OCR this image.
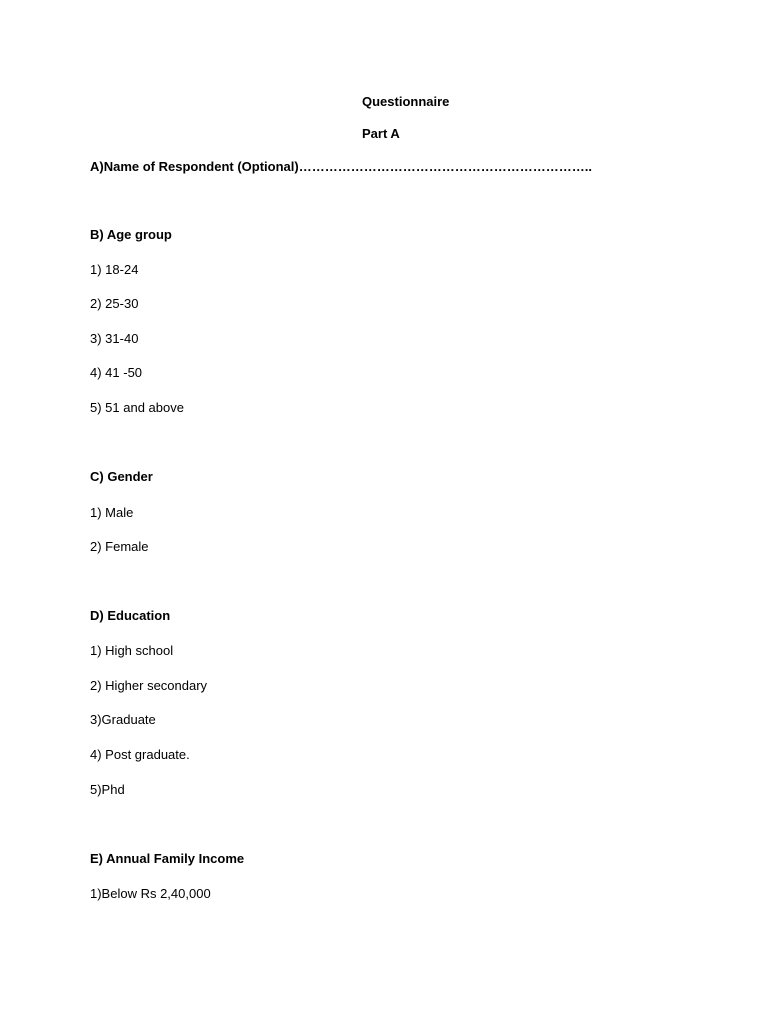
Questionnaire
Part A
A)Name of Respondent (Optional)…………………………………………………………..
B) Age group
1) 18-24
2) 25-30
3) 31-40
4) 41 -50
5) 51 and above
C) Gender
1) Male
2) Female
D) Education
1) High school
2) Higher secondary
3)Graduate
4) Post graduate.
5)Phd
E) Annual Family Income
1)Below Rs 2,40,000
